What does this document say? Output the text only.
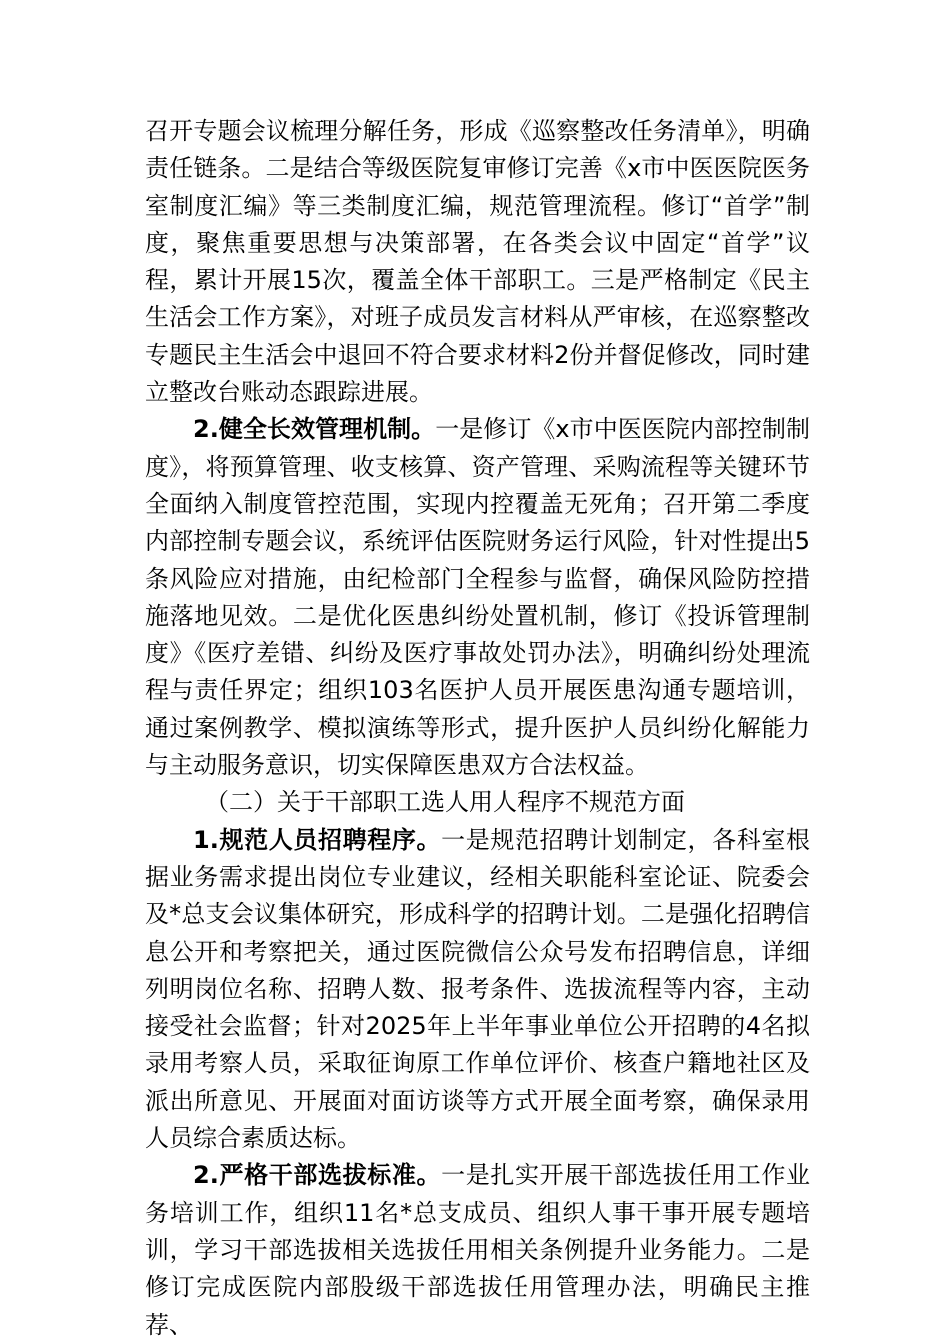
召开专题会议梳理分解任务，形成《巡察整改任务清单》，明确责任链条。二是结合等级医院复审修订完善《x市中医医院医务室制度汇编》等三类制度汇编，规范管理流程。修订“首学”制度，聚焦重要思想与决策部署，在各类会议中固定“首学”议程，累计开展15次，覆盖全体干部职工。三是严格制定《民主生活会工作方案》，对班子成员发言材料从严审核，在巡察整改专题民主生活会中退回不符合要求材料2份并督促修改，同时建立整改台账动态跟踪进展。

2.健全长效管理机制。一是修订《x市中医医院内部控制制度》，将预算管理、收支核算、资产管理、采购流程等关键环节全面纳入制度管控范围，实现内控覆盖无死角；召开第二季度内部控制专题会议，系统评估医院财务运行风险，针对性提出5条风险应对措施，由纪检部门全程参与监督，确保风险防控措施落地见效。二是优化医患纠纷处置机制，修订《投诉管理制度》《医疗差错、纠纷及医疗事故处罚办法》，明确纠纷处理流程与责任界定；组织103名医护人员开展医患沟通专题培训，通过案例教学、模拟演练等形式，提升医护人员纠纷化解能力与主动服务意识，切实保障医患双方合法权益。

（二）关于干部职工选人用人程序不规范方面

1.规范人员招聘程序。一是规范招聘计划制定，各科室根据业务需求提出岗位专业建议，经相关职能科室论证、院委会及*总支会议集体研究，形成科学的招聘计划。二是强化招聘信息公开和考察把关，通过医院微信公众号发布招聘信息，详细列明岗位名称、招聘人数、报考条件、选拔流程等内容，主动接受社会监督；针对2025年上半年事业单位公开招聘的4名拟录用考察人员，采取征询原工作单位评价、核查户籍地社区及派出所意见、开展面对面访谈等方式开展全面考察，确保录用人员综合素质达标。

2.严格干部选拔标准。一是扎实开展干部选拔任用工作业务培训工作，组织11名*总支成员、组织人事干事开展专题培训，学习干部选拔相关选拔任用相关条例提升业务能力。二是修订完成医院内部股级干部选拔任用管理办法，明确民主推荐、
